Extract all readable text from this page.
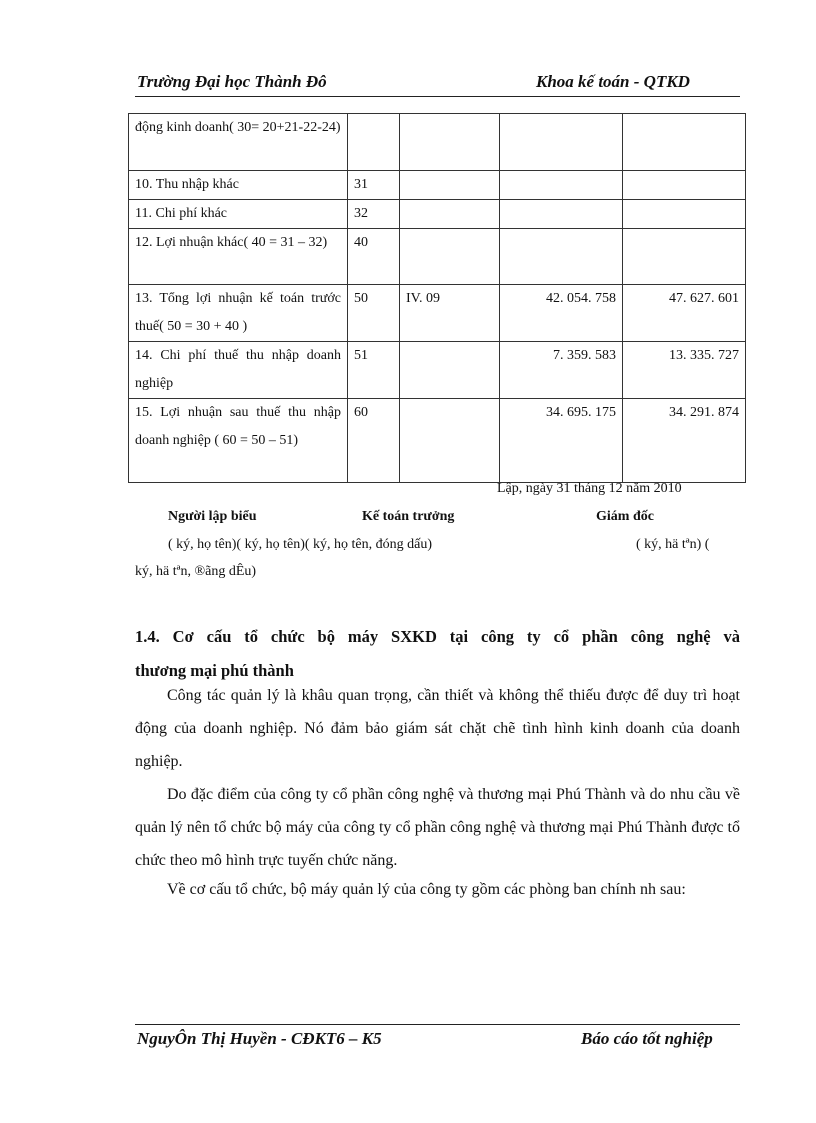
Trường Đại học Thành Đô	Khoa kế toán - QTKD
động kinh doanh( 30= 20+21-22-24)				
10. Thu nhập khác	31			
11. Chi phí khác	32			
12. Lợi nhuận khác( 40 = 31 – 32)	40			
13. Tổng lợi nhuận kế toán trước thuế( 50 = 30 + 40 )	50	IV. 09	42. 054. 758	47. 627. 601
14. Chi phí thuế thu nhập doanh nghiệp	51		7. 359. 583	13. 335. 727
15. Lợi nhuận sau thuế thu nhập doanh nghiệp ( 60 = 50 – 51)	60		34. 695. 175	34. 291. 874
Lập, ngày 31 tháng 12 năm 2010
Người lập biểu	Kế toán trưởng	Giám đốc
( ký, họ tên)( ký, họ tên)( ký, họ tên, đóng dấu)	( ký, hä tªn) (
ký, hä tªn, ®ãng dÊu)
1.4. Cơ cấu tổ chức bộ máy SXKD tại công ty cổ phần công nghệ và
thương mại phú thành

Công tác quản lý là khâu quan trọng, cần thiết và không thể thiếu được để duy trì hoạt động của doanh nghiệp. Nó đảm bảo giám sát chặt chẽ tình hình kinh doanh của doanh nghiệp.

Do đặc điểm của công ty cổ phần công nghệ và thương mại Phú Thành và do nhu cầu về quản lý nên tổ chức bộ máy của công ty cổ phần công nghệ và thương mại Phú Thành được tổ chức theo mô hình trực tuyến chức năng.

Về cơ cấu tổ chức, bộ máy quản lý của công ty gồm các phòng ban chính nh sau:

NguyÔn Thị Huyền - CĐKT6 – K5	Báo cáo tốt nghiệp
